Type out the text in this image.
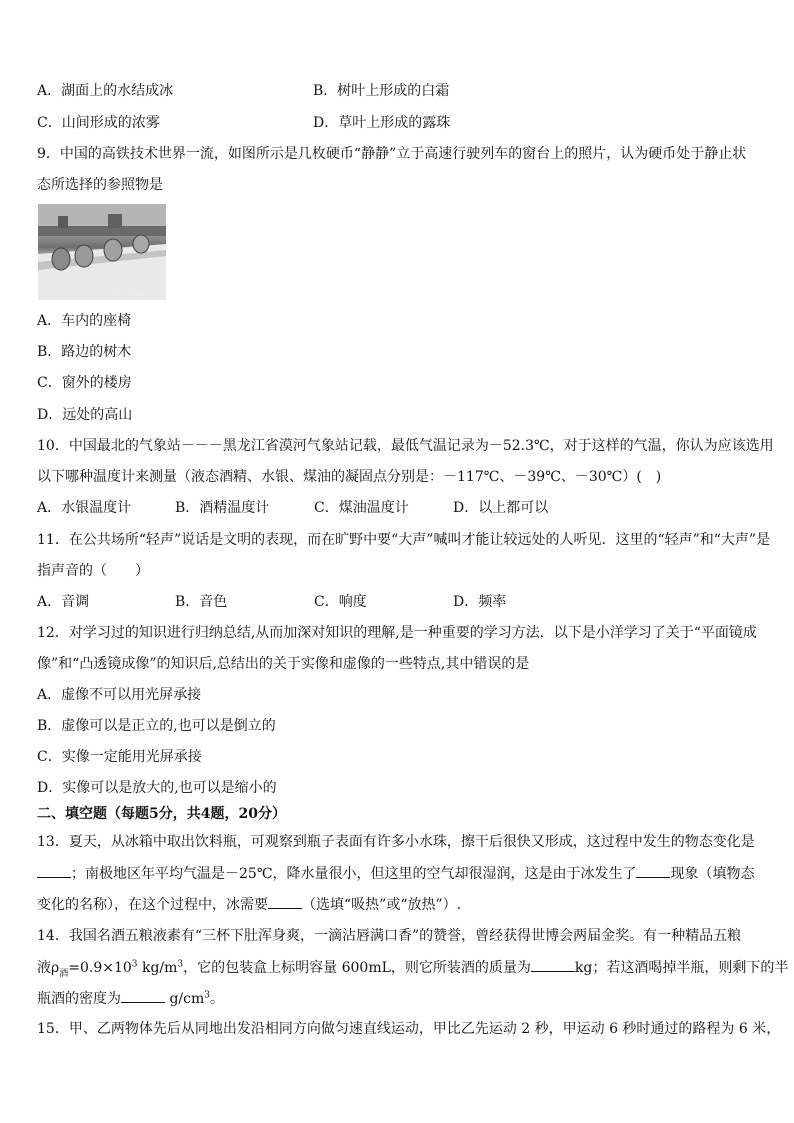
A．湖面上的水结成冰	B．树叶上形成的白霜
C．山间形成的浓雾	D．草叶上形成的露珠
9．中国的高铁技术世界一流，如图所示是几枚硬币“静静”立于高速行驶列车的窗台上的照片，认为硬币处于静止状
态所选择的参照物是
高铁车窗硬币实拍
A．车内的座椅
B．路边的树木
C．窗外的楼房
D．远处的高山
10．中国最北的气象站－－－黑龙江省漠河气象站记载，最低气温记录为－52.3℃，对于这样的气温，你认为应该选用
以下哪种温度计来测量（液态酒精、水银、煤油的凝固点分别是：－117℃、－39℃、－30℃）(　)
A．水银温度计	B．酒精温度计	C．煤油温度计	D．以上都可以
11．在公共场所“轻声”说话是文明的表现，而在旷野中要“大声”喊叫才能让较远处的人听见．这里的“轻声”和“大声”是
指声音的（　　）
A．音调	B．音色	C．响度	D．频率
12．对学习过的知识进行归纳总结,从而加深对知识的理解,是一种重要的学习方法．以下是小洋学习了关于“平面镜成
像”和“凸透镜成像”的知识后,总结出的关于实像和虚像的一些特点,其中错误的是
A．虚像不可以用光屏承接
B．虚像可以是正立的,也可以是倒立的
C．实像一定能用光屏承接
D．实像可以是放大的,也可以是缩小的
二、填空题（每题5分，共4题，20分）
13．夏天，从冰箱中取出饮料瓶，可观察到瓶子表面有许多小水珠，擦干后很快又形成，这过程中发生的物态变化是
；南极地区年平均气温是－25℃，降水量很小，但这里的空气却很湿润，这是由于冰发生了 现象（填物态
变化的名称），在这个过程中，冰需要 （选填“吸热”或“放热”）.
14．我国名酒五粮液素有“三杯下肚浑身爽，一滴沾唇满口香”的赞誉，曾经获得世博会两届金奖。有一种精品五粮
液$\rho_酒=0.9\times 10^3$ $kg/m^3$，它的包装盒上标明容量 600mL，则它所装酒的质量为	kg；若这酒喝掉半瓶，则剩下的半
瓶酒的密度为	$g/cm^3$。
15．甲、乙两物体先后从同地出发沿相同方向做匀速直线运动，甲比乙先运动 2 秒，甲运动 6 秒时通过的路程为 6 米，
